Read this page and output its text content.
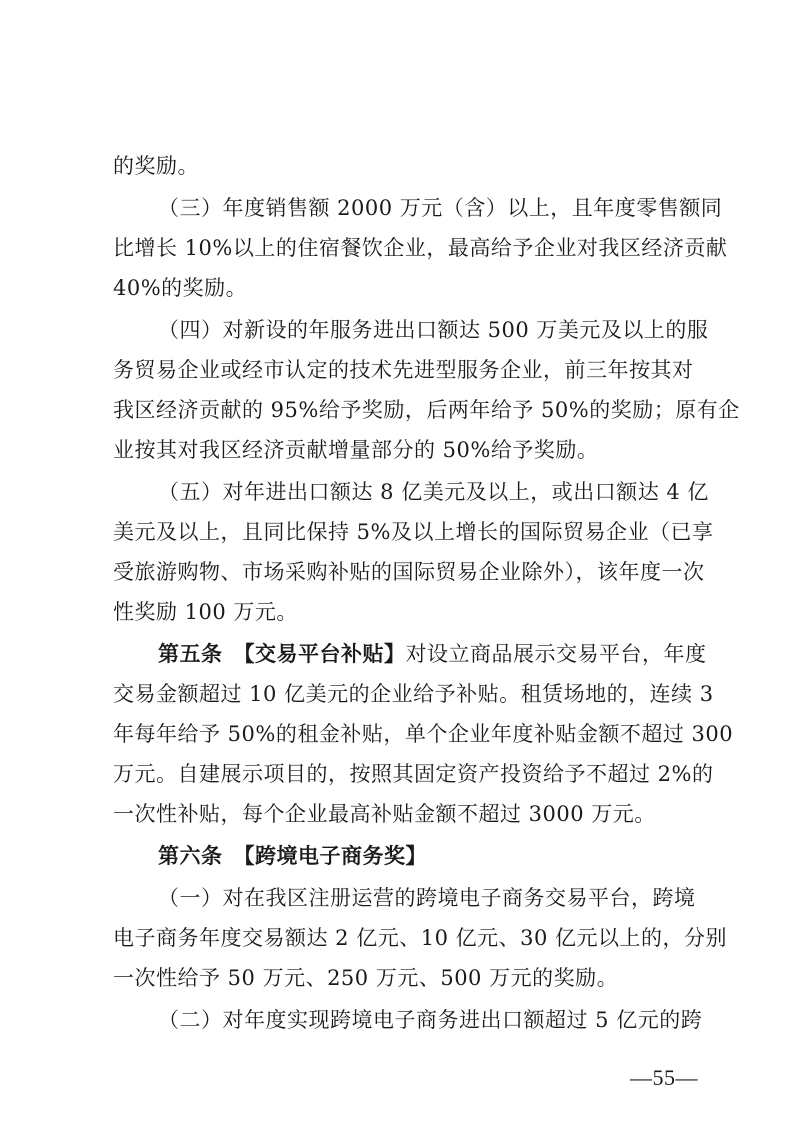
的奖励。
（三）年度销售额 2000 万元（含）以上，且年度零售额同
比增长 10%以上的住宿餐饮企业，最高给予企业对我区经济贡献
40%的奖励。
（四）对新设的年服务进出口额达 500 万美元及以上的服
务贸易企业或经市认定的技术先进型服务企业，前三年按其对
我区经济贡献的 95%给予奖励，后两年给予 50%的奖励；原有企
业按其对我区经济贡献增量部分的 50%给予奖励。
（五）对年进出口额达 8 亿美元及以上，或出口额达 4 亿
美元及以上，且同比保持 5%及以上增长的国际贸易企业（已享
受旅游购物、市场采购补贴的国际贸易企业除外），该年度一次
性奖励 100 万元。
第五条　【交易平台补贴】对设立商品展示交易平台，年度
交易金额超过 10 亿美元的企业给予补贴。租赁场地的，连续 3
年每年给予 50%的租金补贴，单个企业年度补贴金额不超过 300
万元。自建展示项目的，按照其固定资产投资给予不超过 2%的
一次性补贴，每个企业最高补贴金额不超过 3000 万元。
第六条　【跨境电子商务奖】
（一）对在我区注册运营的跨境电子商务交易平台，跨境
电子商务年度交易额达 2 亿元、10 亿元、30 亿元以上的，分别
一次性给予 50 万元、250 万元、500 万元的奖励。
（二）对年度实现跨境电子商务进出口额超过 5 亿元的跨
—55—
